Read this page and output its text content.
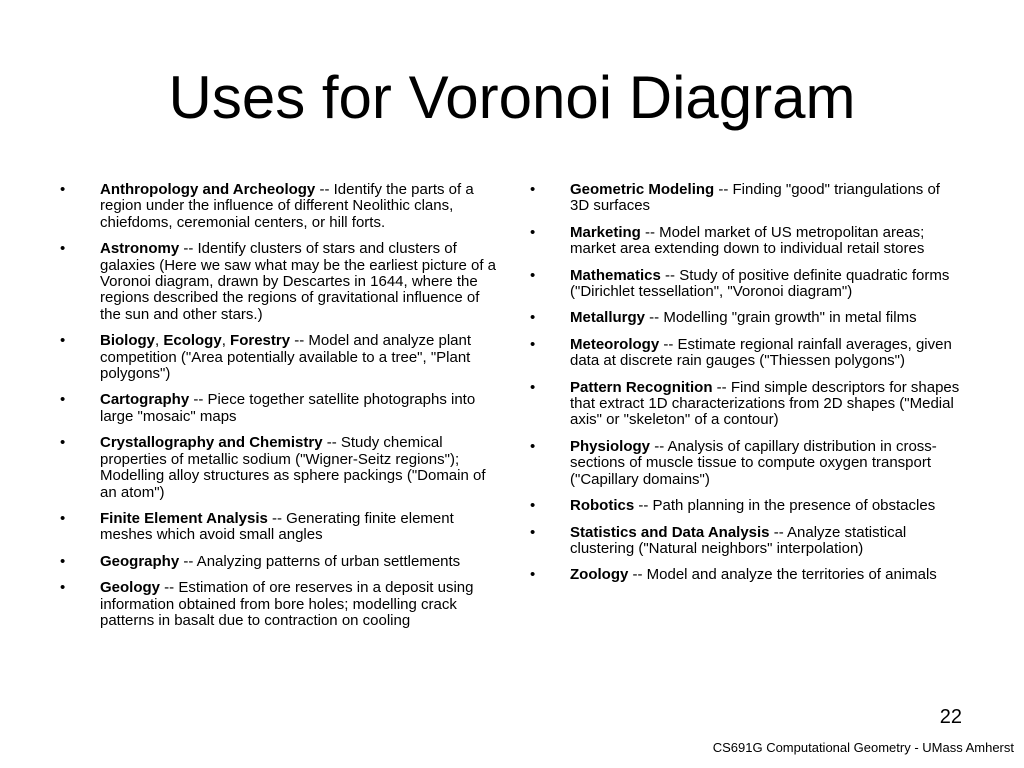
Uses for Voronoi Diagram
• Anthropology and Archeology -- Identify the parts of a region under the influence of different Neolithic clans, chiefdoms, ceremonial centers, or hill forts.
• Astronomy -- Identify clusters of stars and clusters of galaxies (Here we saw what may be the earliest picture of a Voronoi diagram, drawn by Descartes in 1644, where the regions described the regions of gravitational influence of the sun and other stars.)
• Biology, Ecology, Forestry -- Model and analyze plant competition ("Area potentially available to a tree", "Plant polygons")
• Cartography -- Piece together satellite photographs into large "mosaic" maps
• Crystallography and Chemistry -- Study chemical properties of metallic sodium ("Wigner-Seitz regions"); Modelling alloy structures as sphere packings ("Domain of an atom")
• Finite Element Analysis -- Generating finite element meshes which avoid small angles
• Geography -- Analyzing patterns of urban settlements
• Geology -- Estimation of ore reserves in a deposit using information obtained from bore holes; modelling crack patterns in basalt due to contraction on cooling
• Geometric Modeling -- Finding "good" triangulations of 3D surfaces
• Marketing -- Model market of US metropolitan areas; market area extending down to individual retail stores
• Mathematics -- Study of positive definite quadratic forms ("Dirichlet tessellation", "Voronoi diagram")
• Metallurgy -- Modelling "grain growth" in metal films
• Meteorology -- Estimate regional rainfall averages, given data at discrete rain gauges ("Thiessen polygons")
• Pattern Recognition -- Find simple descriptors for shapes that extract 1D characterizations from 2D shapes ("Medial axis" or "skeleton" of a contour)
• Physiology -- Analysis of capillary distribution in cross-sections of muscle tissue to compute oxygen transport ("Capillary domains")
• Robotics -- Path planning in the presence of obstacles
• Statistics and Data Analysis -- Analyze statistical clustering ("Natural neighbors" interpolation)
• Zoology -- Model and analyze the territories of animals
22
CS691G Computational Geometry - UMass Amherst
